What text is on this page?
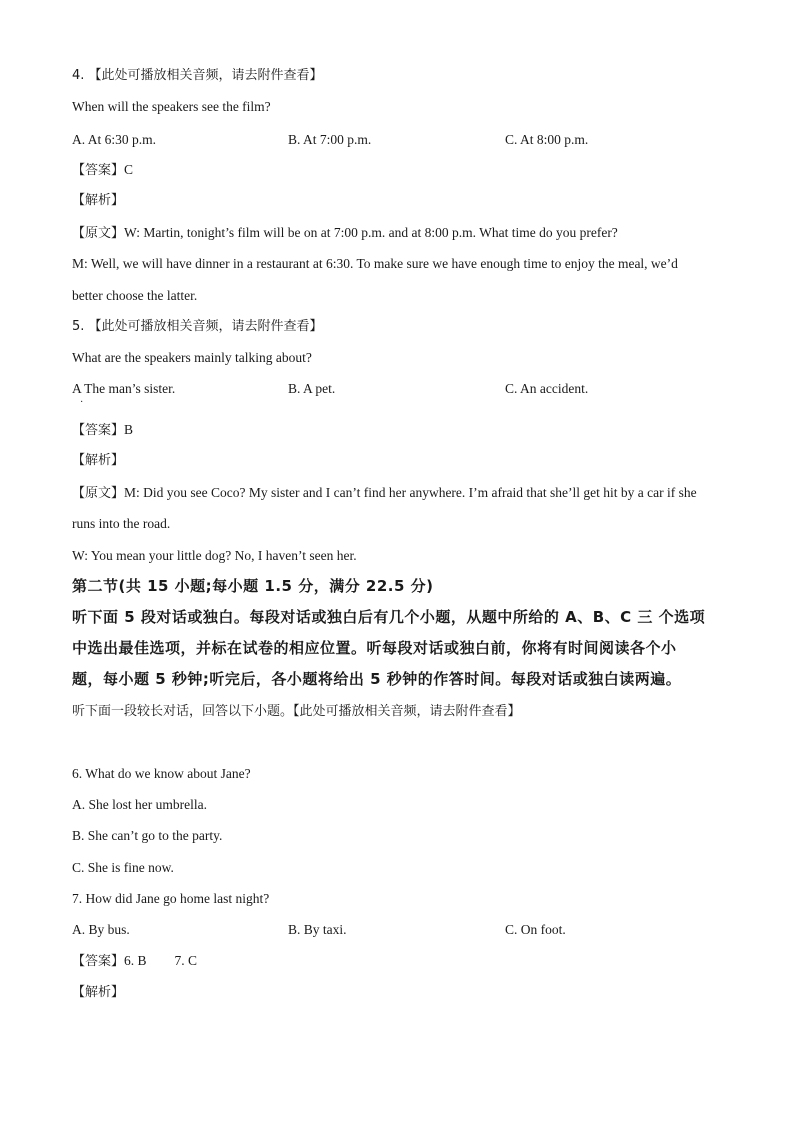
4. 【此处可播放相关音频，请去附件查看】
When will the speakers see the film?
A. At 6:30 p.m.	B. At 7:00 p.m.	C. At 8:00 p.m.
【答案】C
【解析】
【原文】W: Martin, tonight’s film will be on at 7:00 p.m. and at 8:00 p.m. What time do you prefer?
M: Well, we will have dinner in a restaurant at 6:30. To make sure we have enough time to enjoy the meal, we’d
better choose the latter.
5. 【此处可播放相关音频，请去附件查看】
What are the speakers mainly talking about?
A The man’s sister.	B. A pet.	C. An accident.
·
【答案】B
【解析】
【原文】M: Did you see Coco? My sister and I can’t find her anywhere. I’m afraid that she’ll get hit by a car if she
runs into the road.
W: You mean your little dog? No, I haven’t seen her.
第二节(共 15 小题;每小题 1.5 分，满分 22.5 分)
听下面 5 段对话或独白。每段对话或独白后有几个小题，从题中所给的 A、B、C 三 个选项
中选出最佳选项，并标在试卷的相应位置。听每段对话或独白前，你将有时间阅读各个小
题，每小题 5 秒钟;听完后，各小题将给出 5 秒钟的作答时间。每段对话或独白读两遍。
听下面一段较长对话，回答以下小题。【此处可播放相关音频，请去附件查看】
6. What do we know about Jane?
A. She lost her umbrella.
B. She can’t go to the party.
C. She is fine now.
7. How did Jane go home last night?
A. By bus.	B. By taxi.	C. On foot.
【答案】6. B 7. C
【解析】
